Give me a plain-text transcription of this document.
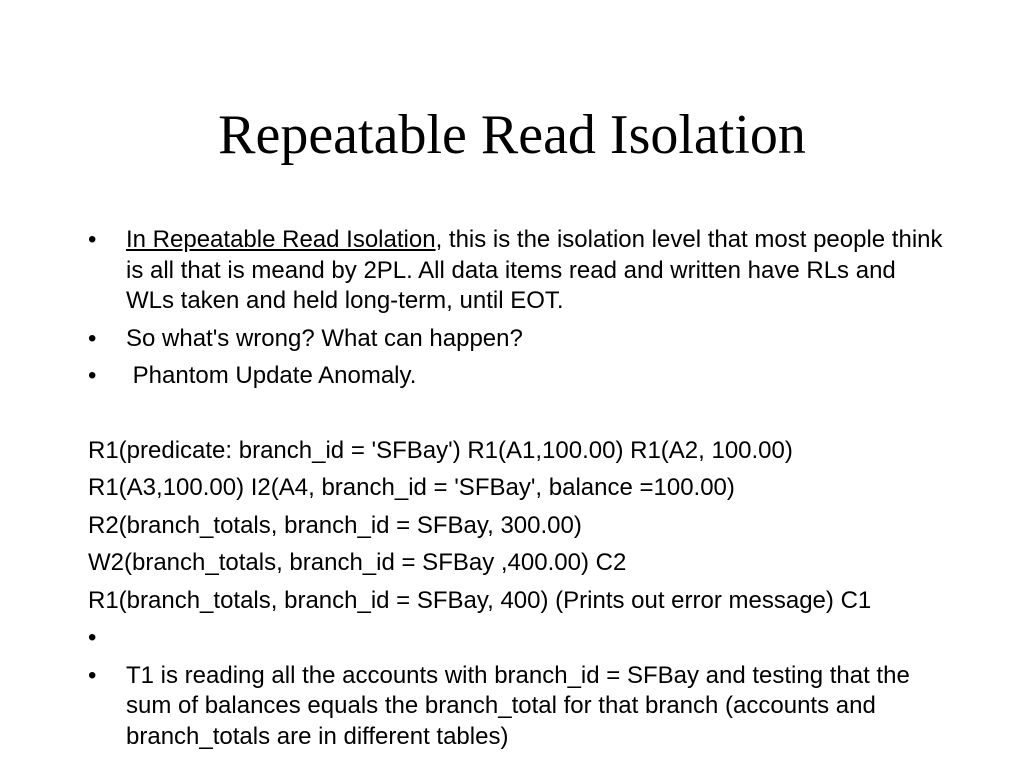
Repeatable Read Isolation
• In Repeatable Read Isolation, this is the isolation level that most people think is all that is meand by 2PL. All data items read and written have RLs and WLs taken and held long-term, until EOT.
• So what's wrong? What can happen?
• Phantom Update Anomaly.
R1(predicate: branch_id = 'SFBay') R1(A1,100.00) R1(A2, 100.00)
R1(A3,100.00) I2(A4, branch_id = 'SFBay', balance =100.00)
R2(branch_totals, branch_id = SFBay, 300.00)
W2(branch_totals, branch_id = SFBay ,400.00) C2
R1(branch_totals, branch_id = SFBay, 400) (Prints out error message) C1
•
• T1 is reading all the accounts with branch_id = SFBay and testing that the sum of balances equals the branch_total for that branch (accounts and branch_totals are in different tables)
